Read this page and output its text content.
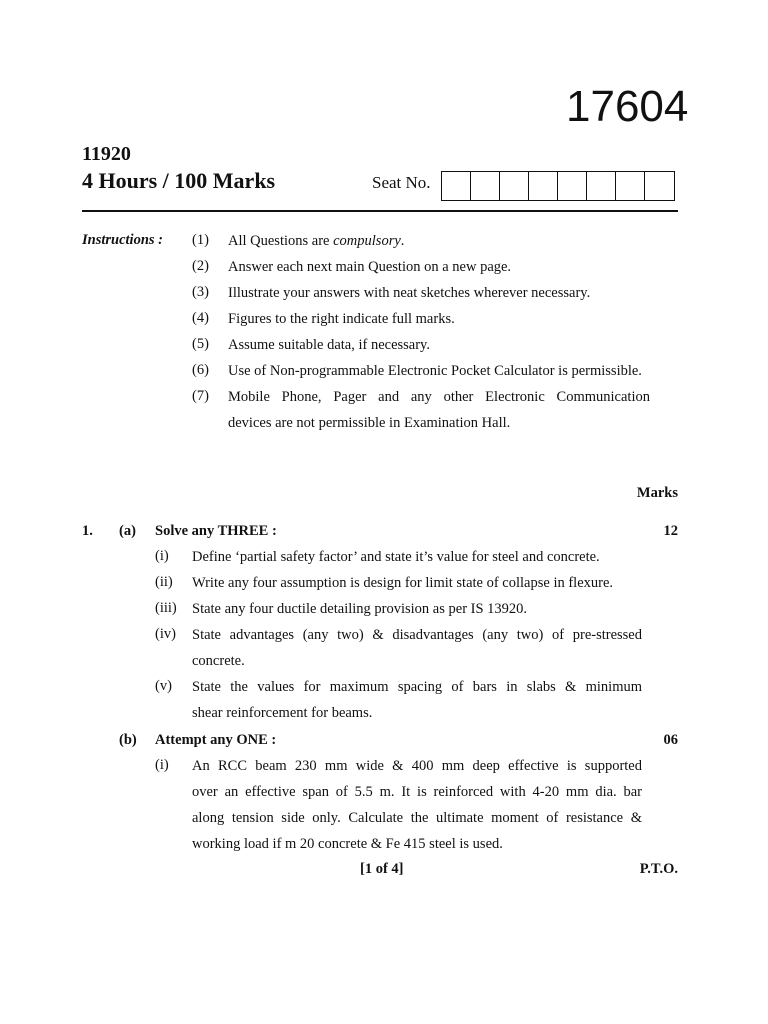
17604
11920
4 Hours / 100 Marks	Seat No.
Instructions : (1) All Questions are compulsory.
(2) Answer each next main Question on a new page.
(3) Illustrate your answers with neat sketches wherever necessary.
(4) Figures to the right indicate full marks.
(5) Assume suitable data, if necessary.
(6) Use of Non-programmable Electronic Pocket Calculator is permissible.
(7) Mobile Phone, Pager and any other Electronic Communication
devices are not permissible in Examination Hall.
Marks
1. (a) Solve any THREE :	12
(i) Define ‘partial safety factor’ and state it’s value for steel and concrete.
(ii) Write any four assumption is design for limit state of collapse in flexure.
(iii) State any four ductile detailing provision as per IS 13920.
(iv) State advantages (any two) & disadvantages (any two) of pre-stressed
concrete.
(v) State the values for maximum spacing of bars in slabs & minimum
shear reinforcement for beams.
(b) Attempt any ONE :	06
(i) An RCC beam 230 mm wide & 400 mm deep effective is supported
over an effective span of 5.5 m. It is reinforced with 4-20 mm dia. bar
along tension side only. Calculate the ultimate moment of resistance &
working load if m 20 concrete & Fe 415 steel is used.
[1 of 4]	P.T.O.
